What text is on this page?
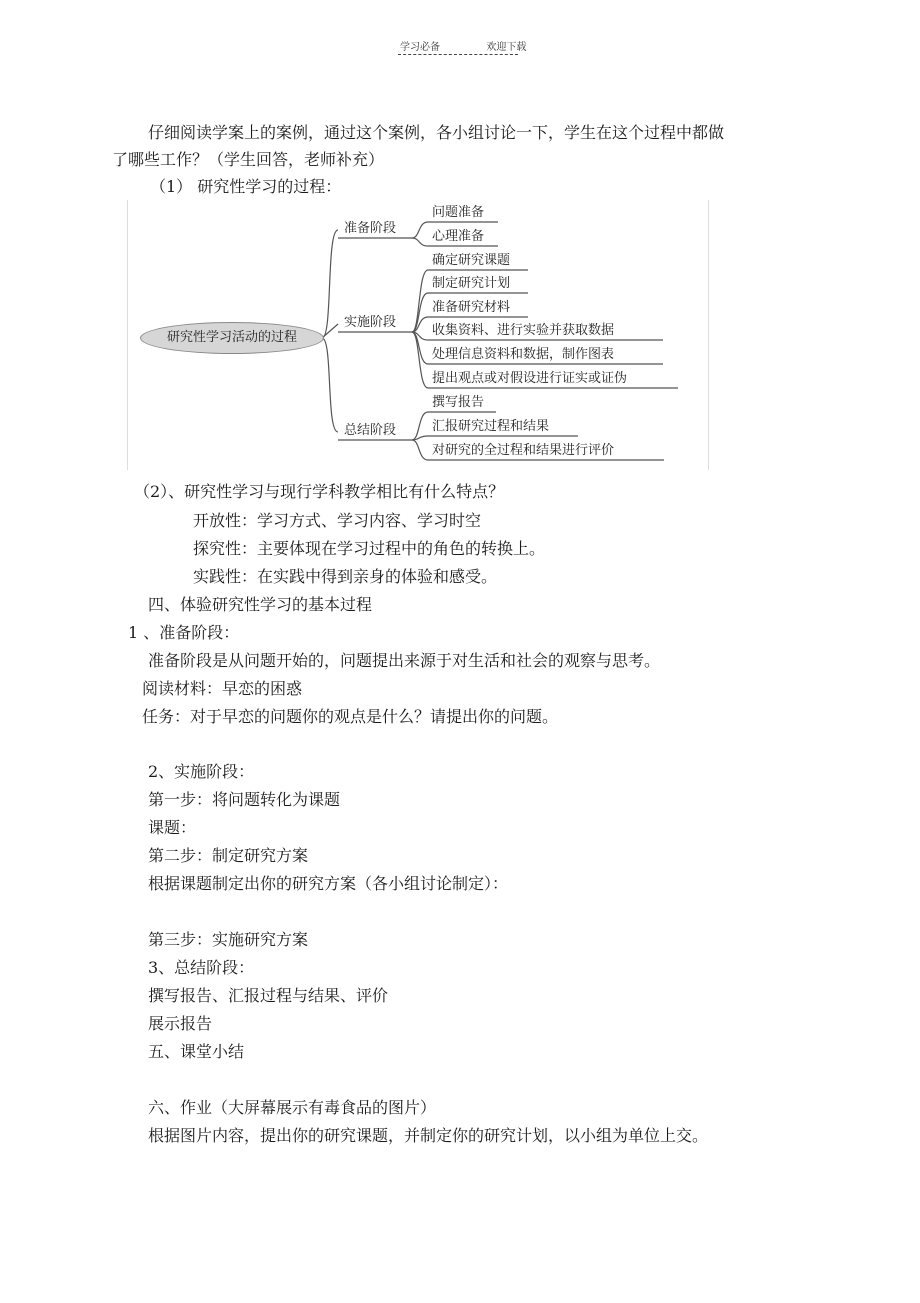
学习必备	欢迎下载
仔细阅读学案上的案例，通过这个案例，各小组讨论一下，学生在这个过程中都做
了哪些工作？（学生回答，老师补充）
（1） 研究性学习的过程：
研究性学习活动的过程
准备阶段
实施阶段
总结阶段
问题准备
心理准备
确定研究课题
制定研究计划
准备研究材料
收集资料、进行实验并获取数据
处理信息资料和数据，制作图表
提出观点或对假设进行证实或证伪
撰写报告
汇报研究过程和结果
对研究的全过程和结果进行评价
（2）、研究性学习与现行学科教学相比有什么特点？
开放性：学习方式、学习内容、学习时空
探究性：主要体现在学习过程中的角色的转换上。
实践性：在实践中得到亲身的体验和感受。
四、体验研究性学习的基本过程
1 、准备阶段：
准备阶段是从问题开始的，问题提出来源于对生活和社会的观察与思考。
阅读材料：早恋的困惑
任务：对于早恋的问题你的观点是什么？请提出你的问题。
2、实施阶段：
第一步：将问题转化为课题
课题：
第二步：制定研究方案
根据课题制定出你的研究方案（各小组讨论制定）：
第三步：实施研究方案
3、总结阶段：
撰写报告、汇报过程与结果、评价
展示报告
五、课堂小结
六、作业（大屏幕展示有毒食品的图片）
根据图片内容，提出你的研究课题，并制定你的研究计划，以小组为单位上交。
